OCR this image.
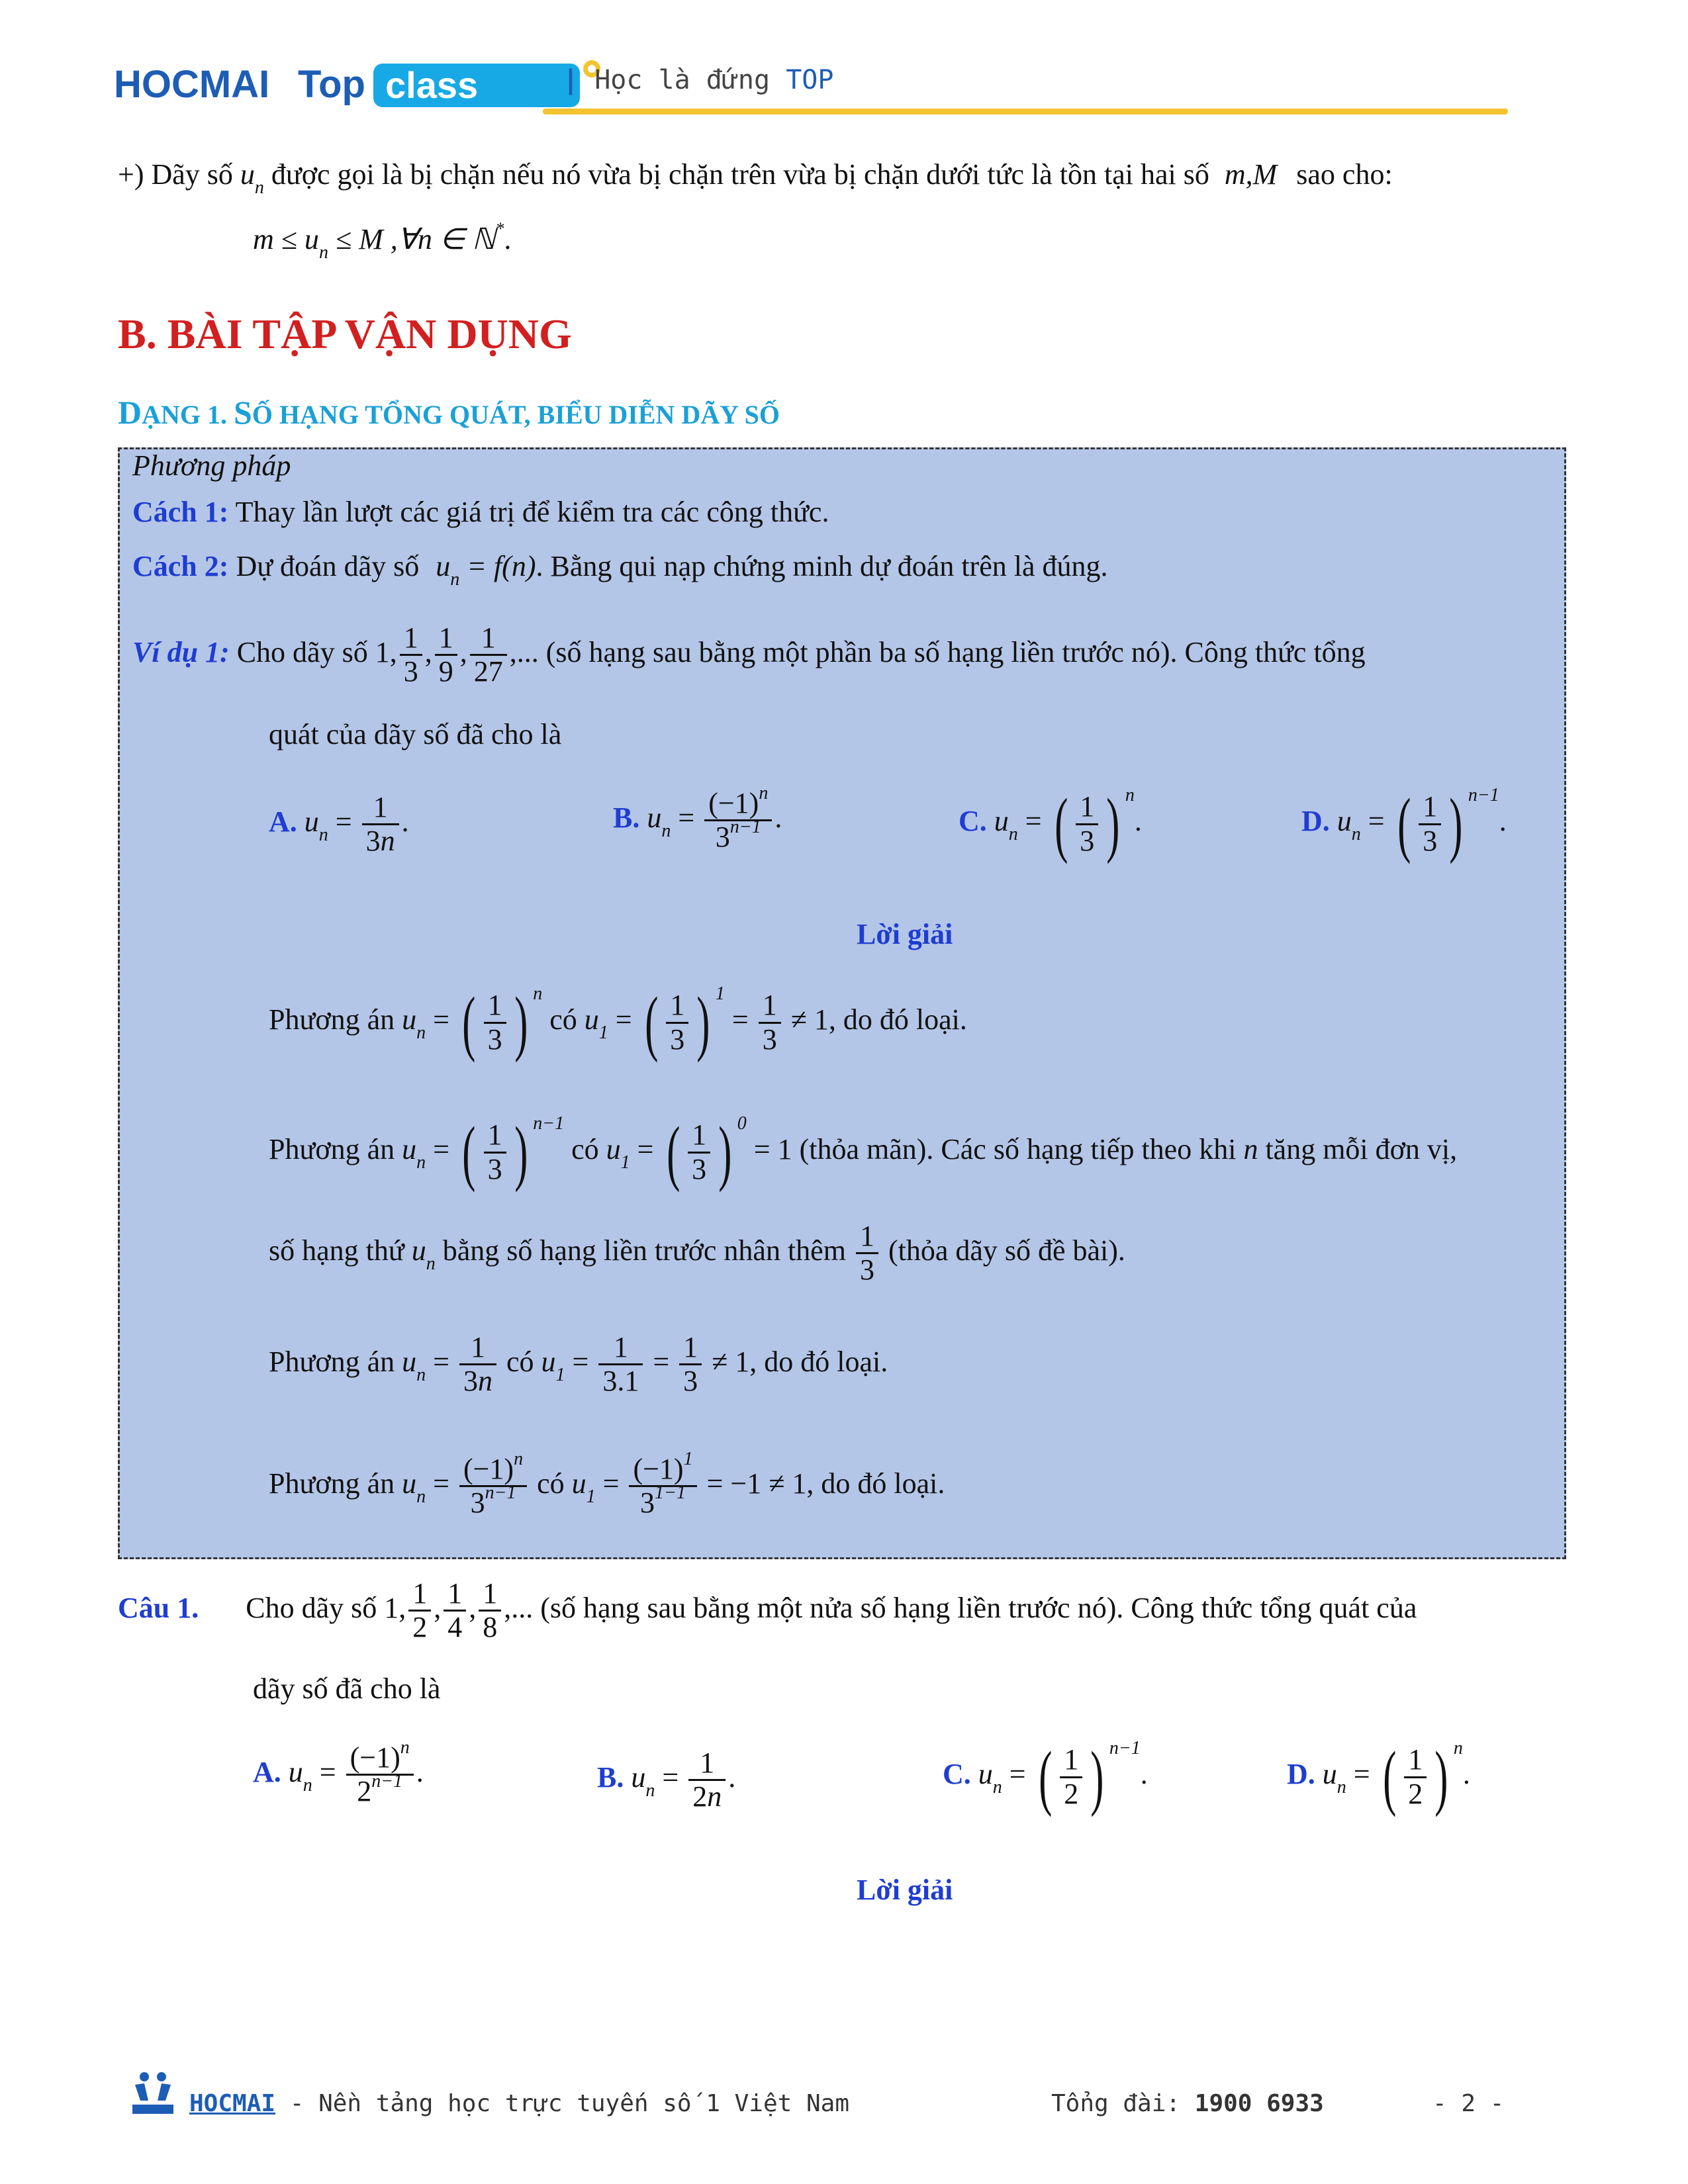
HOCMAI Top class	| Học là đứng TOP
+) Dãy số $u_n$ được gọi là bị chặn nếu nó vừa bị chặn trên vừa bị chặn dưới tức là tồn tại hai số m,M sao cho:
$m \le u_n \le M$ ,∀n ∈ ℕ*.
B. BÀI TẬP VẬN DỤNG
DẠNG 1. SỐ HẠNG TỔNG QUÁT, BIỂU DIỄN DÃY SỐ
Phương pháp
Cách 1: Thay lần lượt các giá trị để kiểm tra các công thức.
Cách 2: Dự đoán dãy số $u_n = f(n)$. Bằng qui nạp chứng minh dự đoán trên là đúng.
Ví dụ 1: Cho dãy số 1, $\frac{1}{3}$ , $\frac{1}{9}$ , $\frac{1}{27}$ ,... (số hạng sau bằng một phần ba số hạng liền trước nó). Công thức tổng
quát của dãy số đã cho là
A. $u_n = \frac{1}{3n}$ .	B. $u_n = \frac{(-1)n}{3n-1}$ .	C. $u_n$ = ( $\frac{1}{3}$ ) n.	D. $u_n$ = ( $\frac{1}{3}$ ) n−1.
Lời giải
Phương án $u_n$ = ( $\frac{1}{3}$ ) n có $u_1$ = ( $\frac{1}{3}$ ) $1 = \frac{1}{3} \ne 1$, do đó loại.
Phương án $u_n$ = ( $\frac{1}{3}$ ) n−1 có $u_1$ = ( $\frac{1}{3}$ ) 0 = 1 (thỏa mãn). Các số hạng tiếp theo khi n tăng mỗi đơn vị,
số hạng thứ $u_n$ bằng số hạng liền trước nhân thêm $\frac{1}{3}$ (thỏa dãy số đề bài).
Phương án $u_n = \frac{1}{3n}$ có $u_1 = \frac{1}{3.1} = \frac{1}{3} \ne 1$, do đó loại.
Phương án $u_n = \frac{(-1)n}{3n-1}$ có $u_1 = \frac{(-1)1}{31-1} = -1 \ne 1$, do đó loại.
Câu 1. Cho dãy số 1, $\frac{1}{2}$ , $\frac{1}{4}$ , $\frac{1}{8}$ ,... (số hạng sau bằng một nửa số hạng liền trước nó). Công thức tổng quát của
dãy số đã cho là
A. $u_n = \frac{(-1)n}{2n-1}$ .	B. $u_n = \frac{1}{2n}$ .	C. $u_n$ = ( $\frac{1}{2}$ ) n−1.	D. $u_n$ = ( $\frac{1}{2}$ ) n.
Lời giải
HOCMAI - Nền tảng học trực tuyến số 1 Việt Nam	Tổng đài: 1900 6933	- 2 -
